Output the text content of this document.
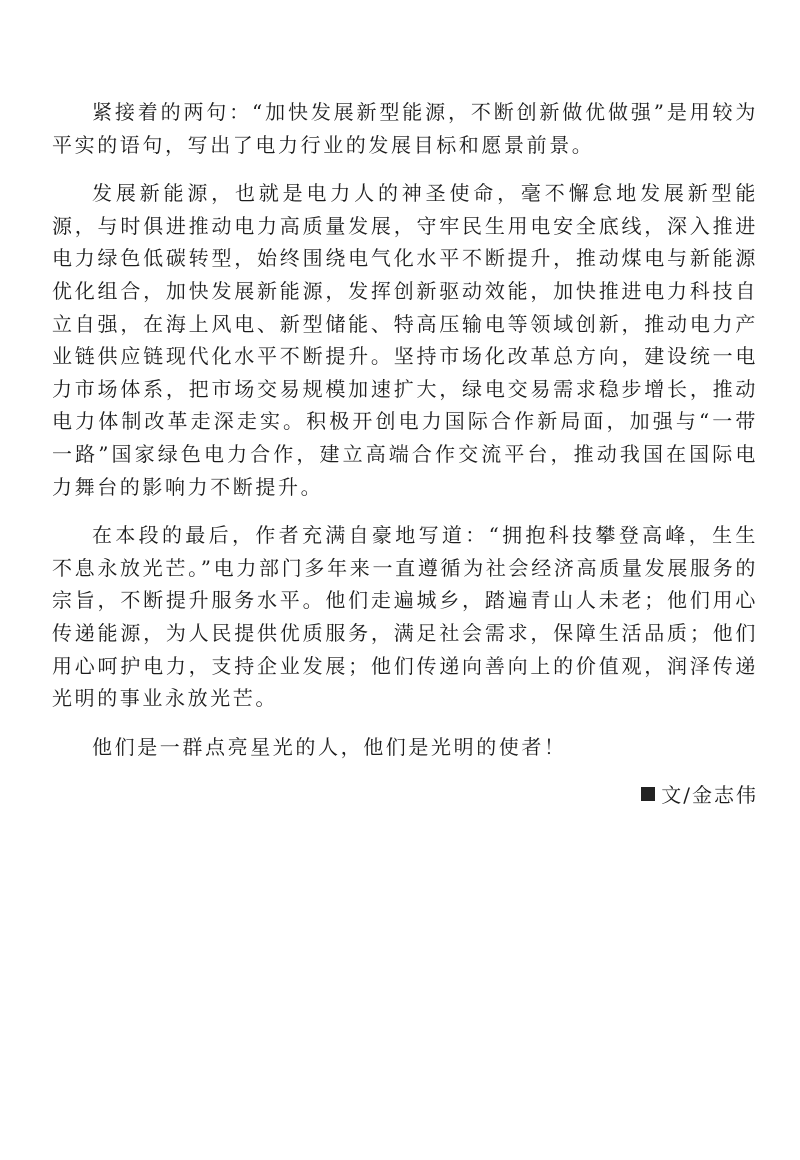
紧接着的两句：“加快发展新型能源，不断创新做优做强”是用较为平实的语句，写出了电力行业的发展目标和愿景前景。

发展新能源，也就是电力人的神圣使命，毫不懈怠地发展新型能源，与时俱进推动电力高质量发展，守牢民生用电安全底线，深入推进电力绿色低碳转型，始终围绕电气化水平不断提升，推动煤电与新能源优化组合，加快发展新能源，发挥创新驱动效能，加快推进电力科技自立自强，在海上风电、新型储能、特高压输电等领域创新，推动电力产业链供应链现代化水平不断提升。坚持市场化改革总方向，建设统一电力市场体系，把市场交易规模加速扩大，绿电交易需求稳步增长，推动电力体制改革走深走实。积极开创电力国际合作新局面，加强与“一带一路”国家绿色电力合作，建立高端合作交流平台，推动我国在国际电力舞台的影响力不断提升。

在本段的最后，作者充满自豪地写道：“拥抱科技攀登高峰，生生不息永放光芒。”电力部门多年来一直遵循为社会经济高质量发展服务的宗旨，不断提升服务水平。他们走遍城乡，踏遍青山人未老；他们用心传递能源，为人民提供优质服务，满足社会需求，保障生活品质；他们用心呵护电力，支持企业发展；他们传递向善向上的价值观，润泽传递光明的事业永放光芒。

他们是一群点亮星光的人，他们是光明的使者！

文/金志伟
